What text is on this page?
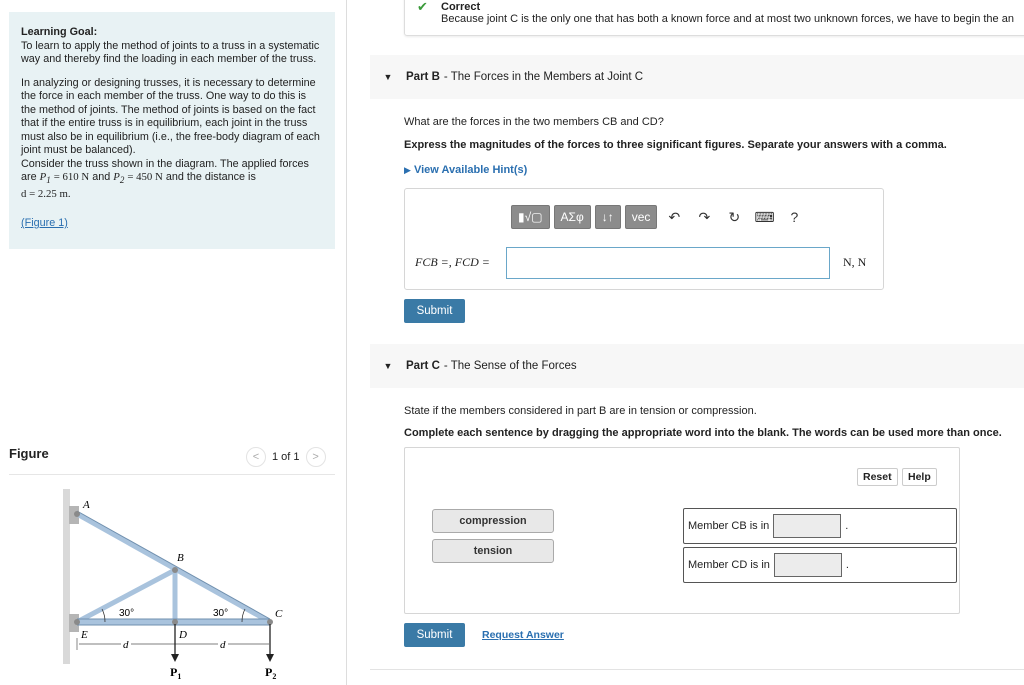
Learning Goal:
To learn to apply the method of joints to a truss in a systematic way and thereby find the loading in each member of the truss.

In analyzing or designing trusses, it is necessary to determine the force in each member of the truss. One way to do this is the method of joints. The method of joints is based on the fact that if the entire truss is in equilibrium, each joint in the truss must also be in equilibrium (i.e., the free-body diagram of each joint must be balanced).
Consider the truss shown in the diagram. The applied forces are $P_1 = 610$ N and $P_2 = 450$ N and the distance is
d = 2.25 m.

(Figure 1)

Figure	< 1 of 1 >
A
B
C
D
E
30°	30°
d	d
$P_1$	$P_2$
✔ Correct
Because joint C is the only one that has both a known force and at most two unknown forces, we have to begin the an
▼	Part B - The Forces in the Members at Joint C
What are the forces in the two members CB and CD?
Express the magnitudes of the forces to three significant figures. Separate your answers with a comma.
▶ View Available Hint(s)
▮√▢	ΑΣφ	↓↑	vec	↶	↷	↻	⌨	?
FCB =, FCD =	N, N
Submit
▼	Part C - The Sense of the Forces
State if the members considered in part B are in tension or compression.
Complete each sentence by dragging the appropriate word into the blank. The words can be used more than once.
Reset	Help
compression
tension
Member CB is in	.
Member CD is in	.
Submit	Request Answer
